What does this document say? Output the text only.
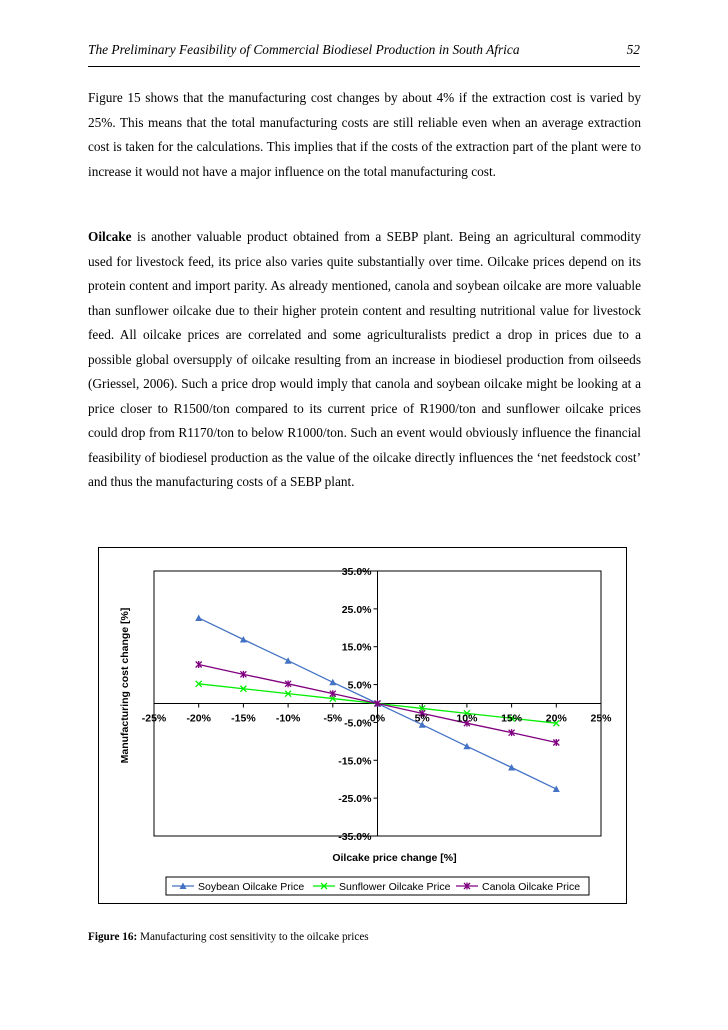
The Preliminary Feasibility of Commercial Biodiesel Production in South Africa	52

Figure 15 shows that the manufacturing cost changes by about 4% if the extraction cost is varied by 25%. This means that the total manufacturing costs are still reliable even when an average extraction cost is taken for the calculations. This implies that if the costs of the extraction part of the plant were to increase it would not have a major influence on the total manufacturing cost.

Oilcake is another valuable product obtained from a SEBP plant. Being an agricultural commodity used for livestock feed, its price also varies quite substantially over time. Oilcake prices depend on its protein content and import parity. As already mentioned, canola and soybean oilcake are more valuable than sunflower oilcake due to their higher protein content and resulting nutritional value for livestock feed. All oilcake prices are correlated and some agriculturalists predict a drop in prices due to a possible global oversupply of oilcake resulting from an increase in biodiesel production from oilseeds (Griessel, 2006). Such a price drop would imply that canola and soybean oilcake might be looking at a price closer to R1500/ton compared to its current price of R1900/ton and sunflower oilcake prices could drop from R1170/ton to below R1000/ton. Such an event would obviously influence the financial feasibility of biodiesel production as the value of the oilcake directly influences the ‘net feedstock cost’ and thus the manufacturing costs of a SEBP plant.

-25% -20% -15% -10% -5%	0%	5%	10% 15% 20% 25%
35.0%
25.0%
15.0%
5.0%
-5.0%
-15.0%
-25.0%
-35.0%
Oilcake price change [%]
Manufacturing cost change [%]
Soybean Oilcake Price	Sunflower Oilcake Price	Canola Oilcake Price
Figure 16: Manufacturing cost sensitivity to the oilcake prices
